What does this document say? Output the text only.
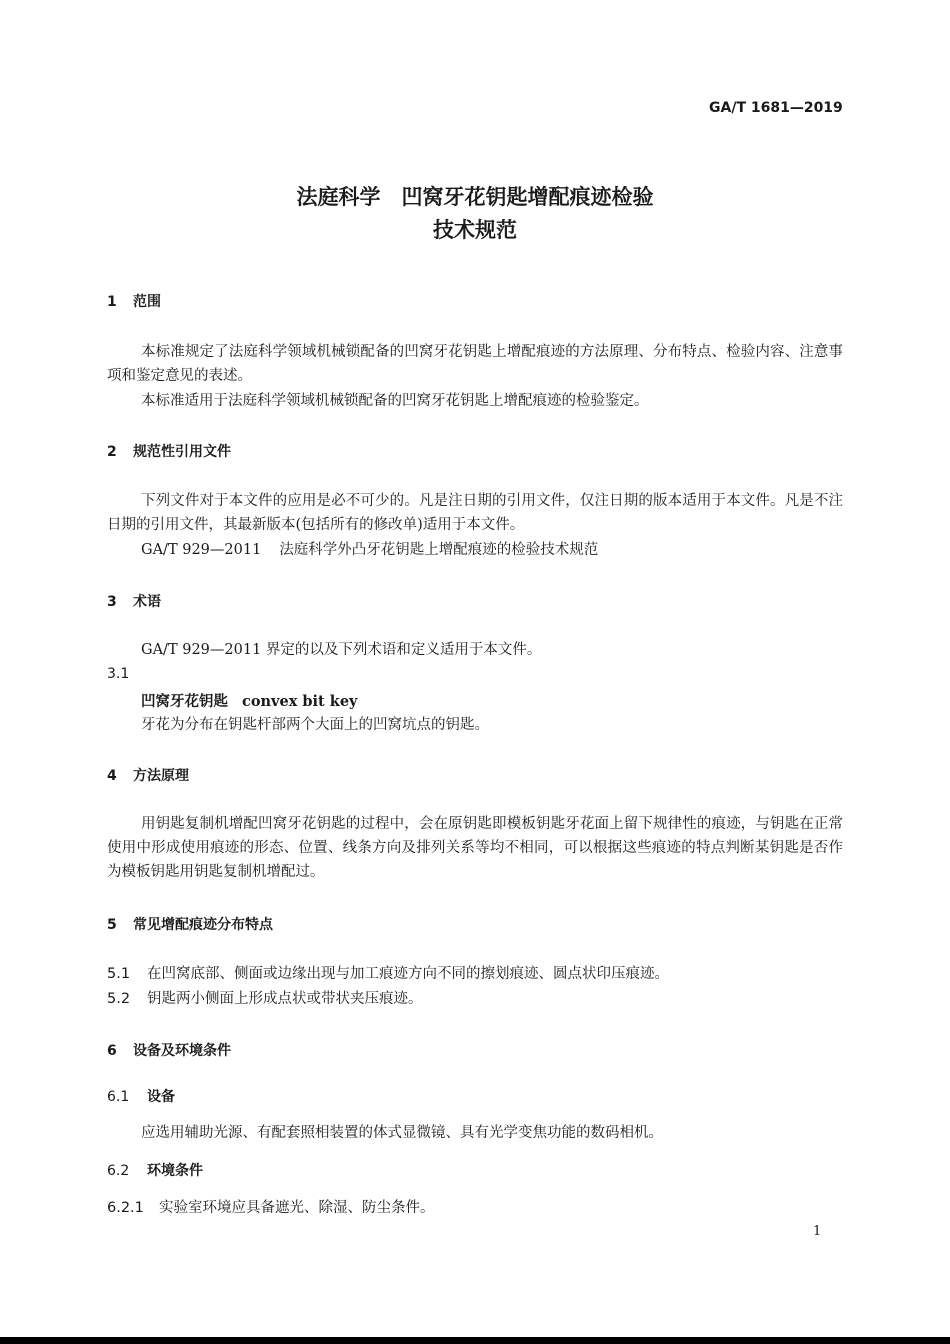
GA/T 1681—2019
法庭科学　凹窝牙花钥匙增配痕迹检验
技术规范
1 范围
本标准规定了法庭科学领域机械锁配备的凹窝牙花钥匙上增配痕迹的方法原理、分布特点、检验内容、注意事项和鉴定意见的表述。
本标准适用于法庭科学领域机械锁配备的凹窝牙花钥匙上增配痕迹的检验鉴定。
2 规范性引用文件
下列文件对于本文件的应用是必不可少的。凡是注日期的引用文件，仅注日期的版本适用于本文件。凡是不注日期的引用文件，其最新版本(包括所有的修改单)适用于本文件。
GA/T 929—2011 法庭科学外凸牙花钥匙上增配痕迹的检验技术规范
3 术语
GA/T 929—2011 界定的以及下列术语和定义适用于本文件。
3.1
凹窝牙花钥匙 convex bit key
牙花为分布在钥匙杆部两个大面上的凹窝坑点的钥匙。
4 方法原理
用钥匙复制机增配凹窝牙花钥匙的过程中，会在原钥匙即模板钥匙牙花面上留下规律性的痕迹，与钥匙在正常使用中形成使用痕迹的形态、位置、线条方向及排列关系等均不相同，可以根据这些痕迹的特点判断某钥匙是否作为模板钥匙用钥匙复制机增配过。
5 常见增配痕迹分布特点
5.1 在凹窝底部、侧面或边缘出现与加工痕迹方向不同的擦划痕迹、圆点状印压痕迹。
5.2 钥匙两小侧面上形成点状或带状夹压痕迹。
6 设备及环境条件
6.1 设备
应选用辅助光源、有配套照相装置的体式显微镜、具有光学变焦功能的数码相机。
6.2 环境条件
6.2.1 实验室环境应具备遮光、除湿、防尘条件。
1
